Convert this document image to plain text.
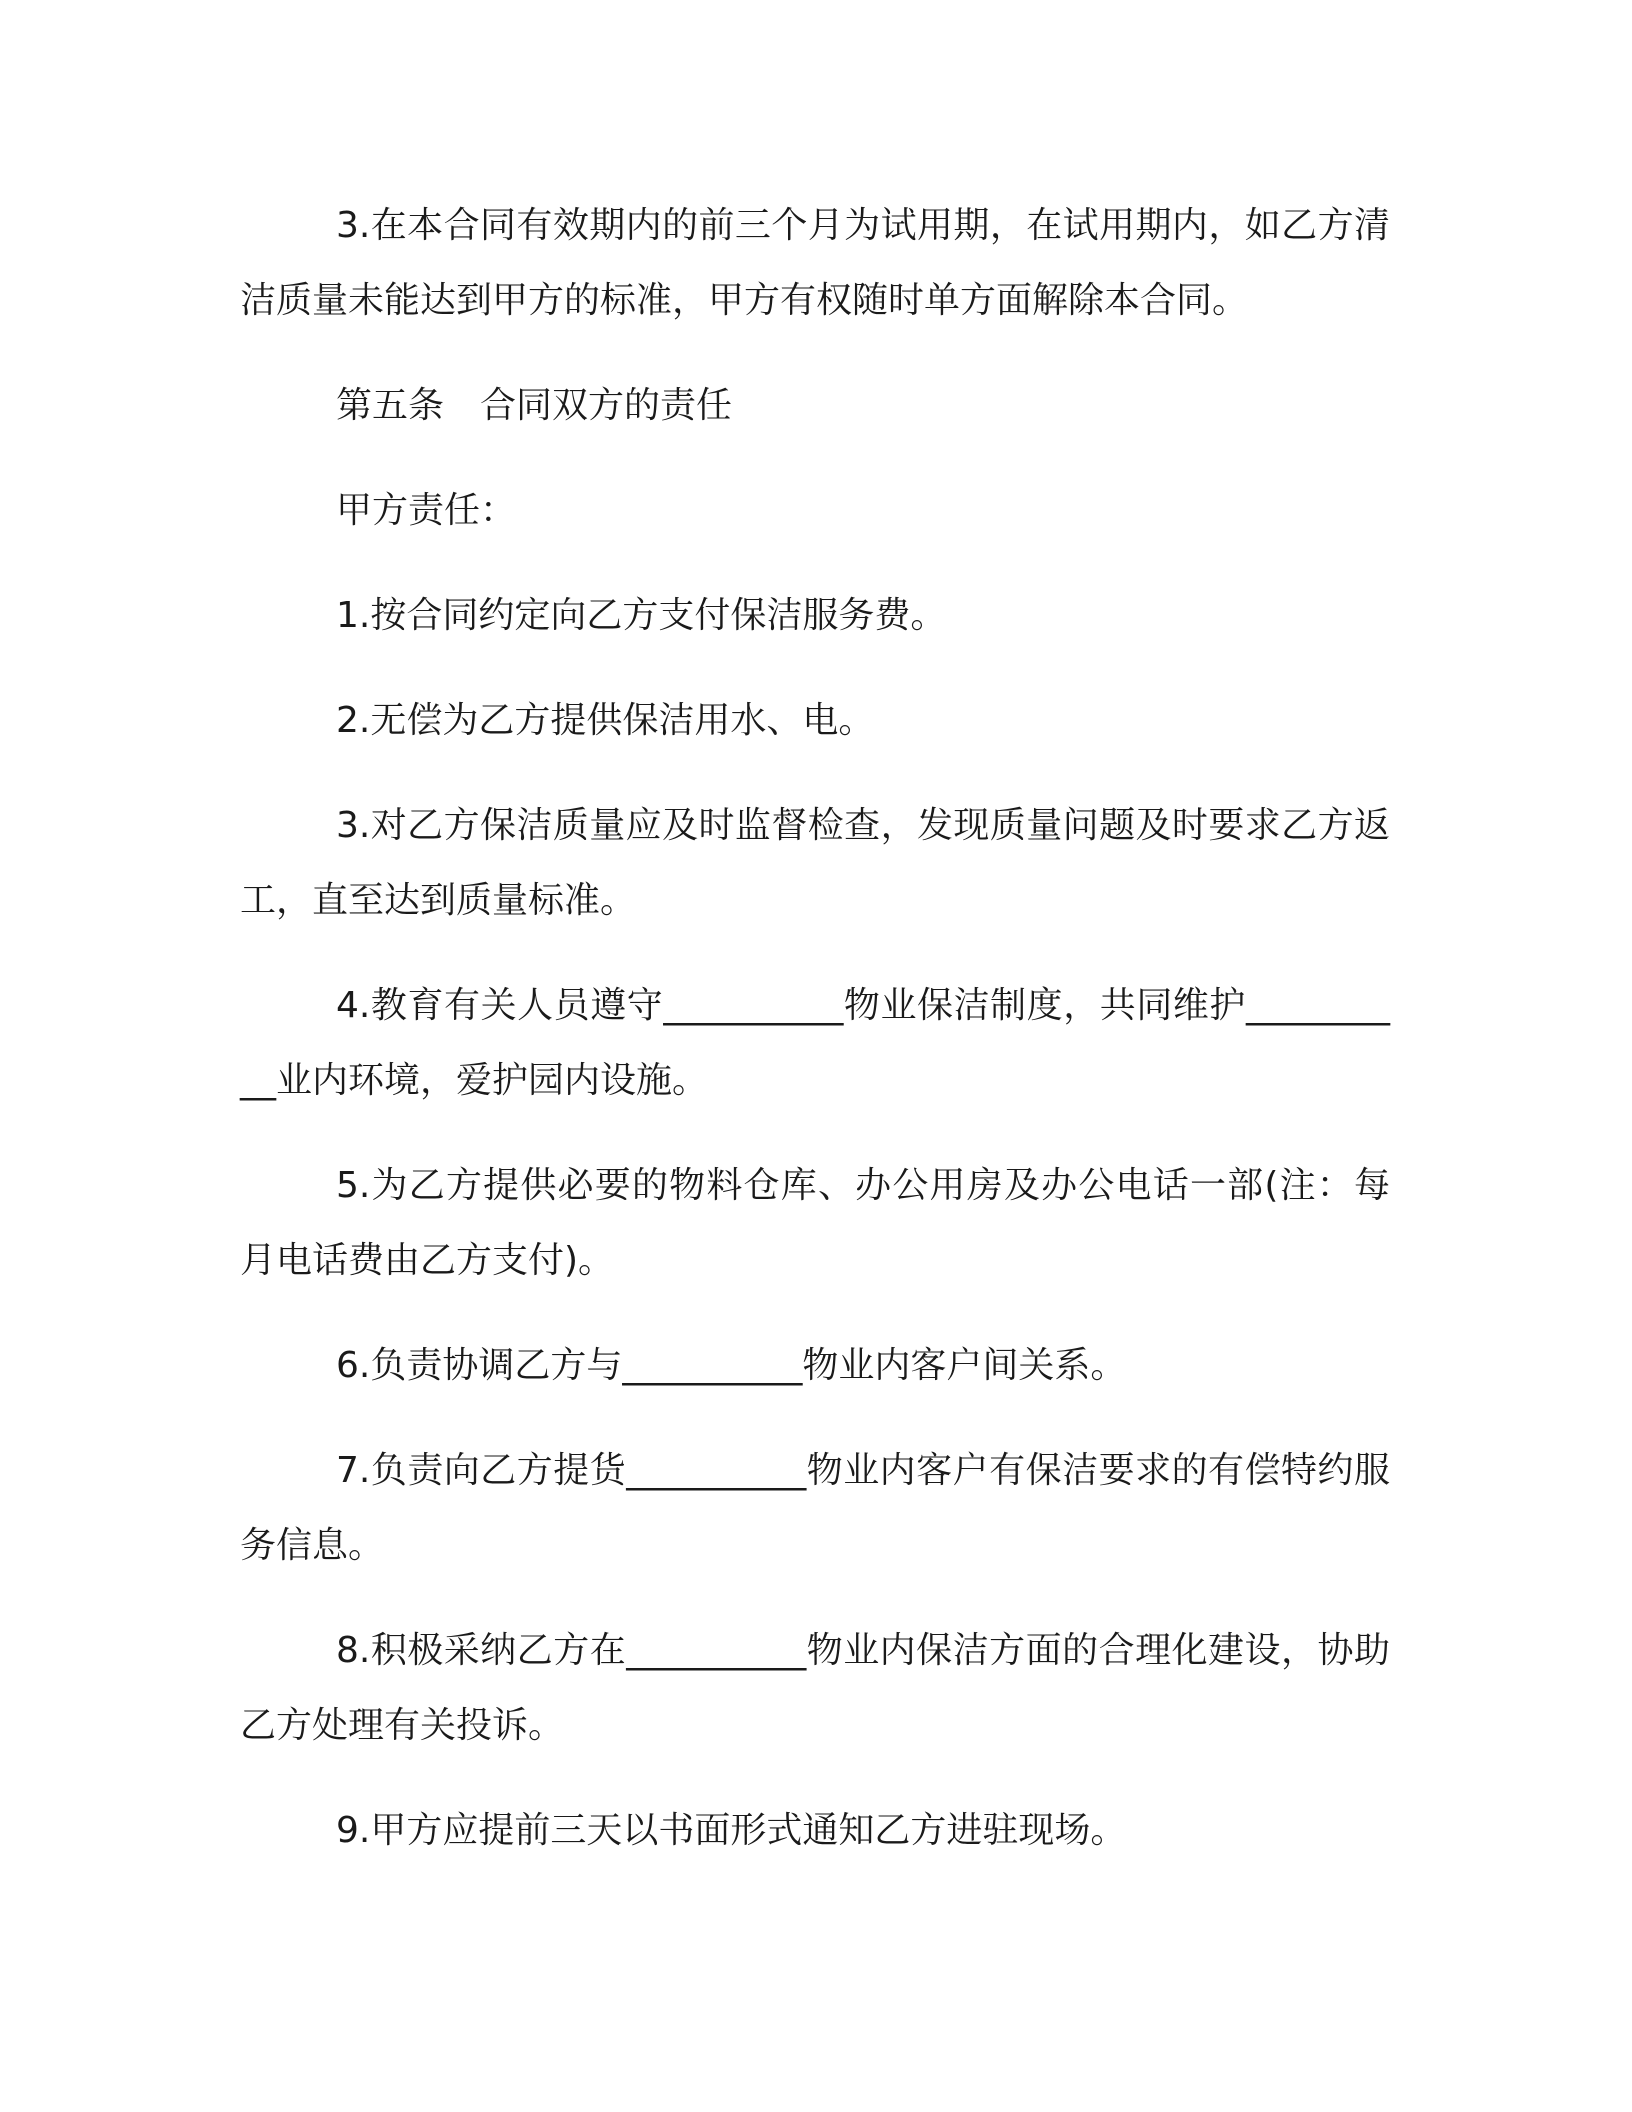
3.在本合同有效期内的前三个月为试用期，在试用期内，如乙方清洁质量未能达到甲方的标准，甲方有权随时单方面解除本合同。

第五条　合同双方的责任

甲方责任：

1.按合同约定向乙方支付保洁服务费。

2.无偿为乙方提供保洁用水、电。

3.对乙方保洁质量应及时监督检查，发现质量问题及时要求乙方返工，直至达到质量标准。

4.教育有关人员遵守__________物业保洁制度，共同维护__________业内环境，爱护园内设施。

5.为乙方提供必要的物料仓库、办公用房及办公电话一部(注：每月电话费由乙方支付)。

6.负责协调乙方与__________物业内客户间关系。

7.负责向乙方提货__________物业内客户有保洁要求的有偿特约服务信息。

8.积极采纳乙方在__________物业内保洁方面的合理化建设，协助乙方处理有关投诉。

9.甲方应提前三天以书面形式通知乙方进驻现场。
